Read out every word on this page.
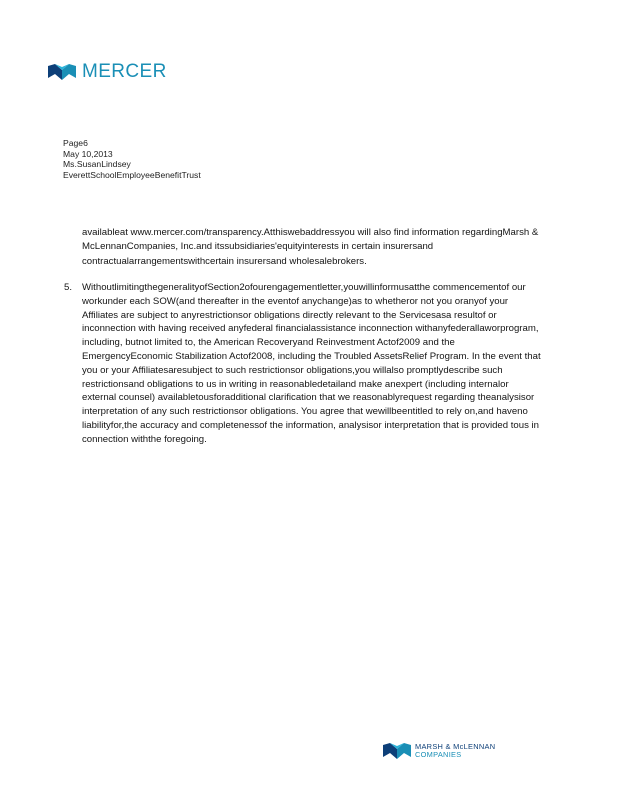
MERCER
Page6
May 10,2013
Ms.SusanLindsey
EverettSchoolEmployeeBenefitTrust

availableat www.mercer.com/transparency.Atthiswebaddressyou will also find information regardingMarsh & McLennanCompanies, Inc.and itssubsidiaries'equityinterests in certain insurersand contractualarrangementswithcertain insurersand wholesalebrokers.

5. WithoutlimitingthegeneralityofSection2ofourengagementletter,youwillinformusatthe commencementof our workunder each SOW(and thereafter in the eventof anychange)as to whetheror not you oranyof your Affiliates are subject to anyrestrictionsor obligations directly relevant to the Servicesasa resultof or inconnection with having received anyfederal financialassistance inconnection withanyfederallaworprogram, including, butnot limited to, the American Recoveryand Reinvestment Actof2009 and the EmergencyEconomic Stabilization Actof2008, including the Troubled AssetsRelief Program. In the event that you or your Affiliatesaresubject to such restrictionsor obligations,you willalso promptlydescribe such restrictionsand obligations to us in writing in reasonabledetailand make anexpert (including internalor external counsel) availabletousforadditional clarification that we reasonablyrequest regarding theanalysisor interpretation of any such restrictionsor obligations. You agree that wewillbeentitled to rely on,and haveno liabilityfor,the accuracy and completenessof the information, analysisor interpretation that is provided tous in connection withthe foregoing.
MARSH & McLENNAN
COMPANIES
